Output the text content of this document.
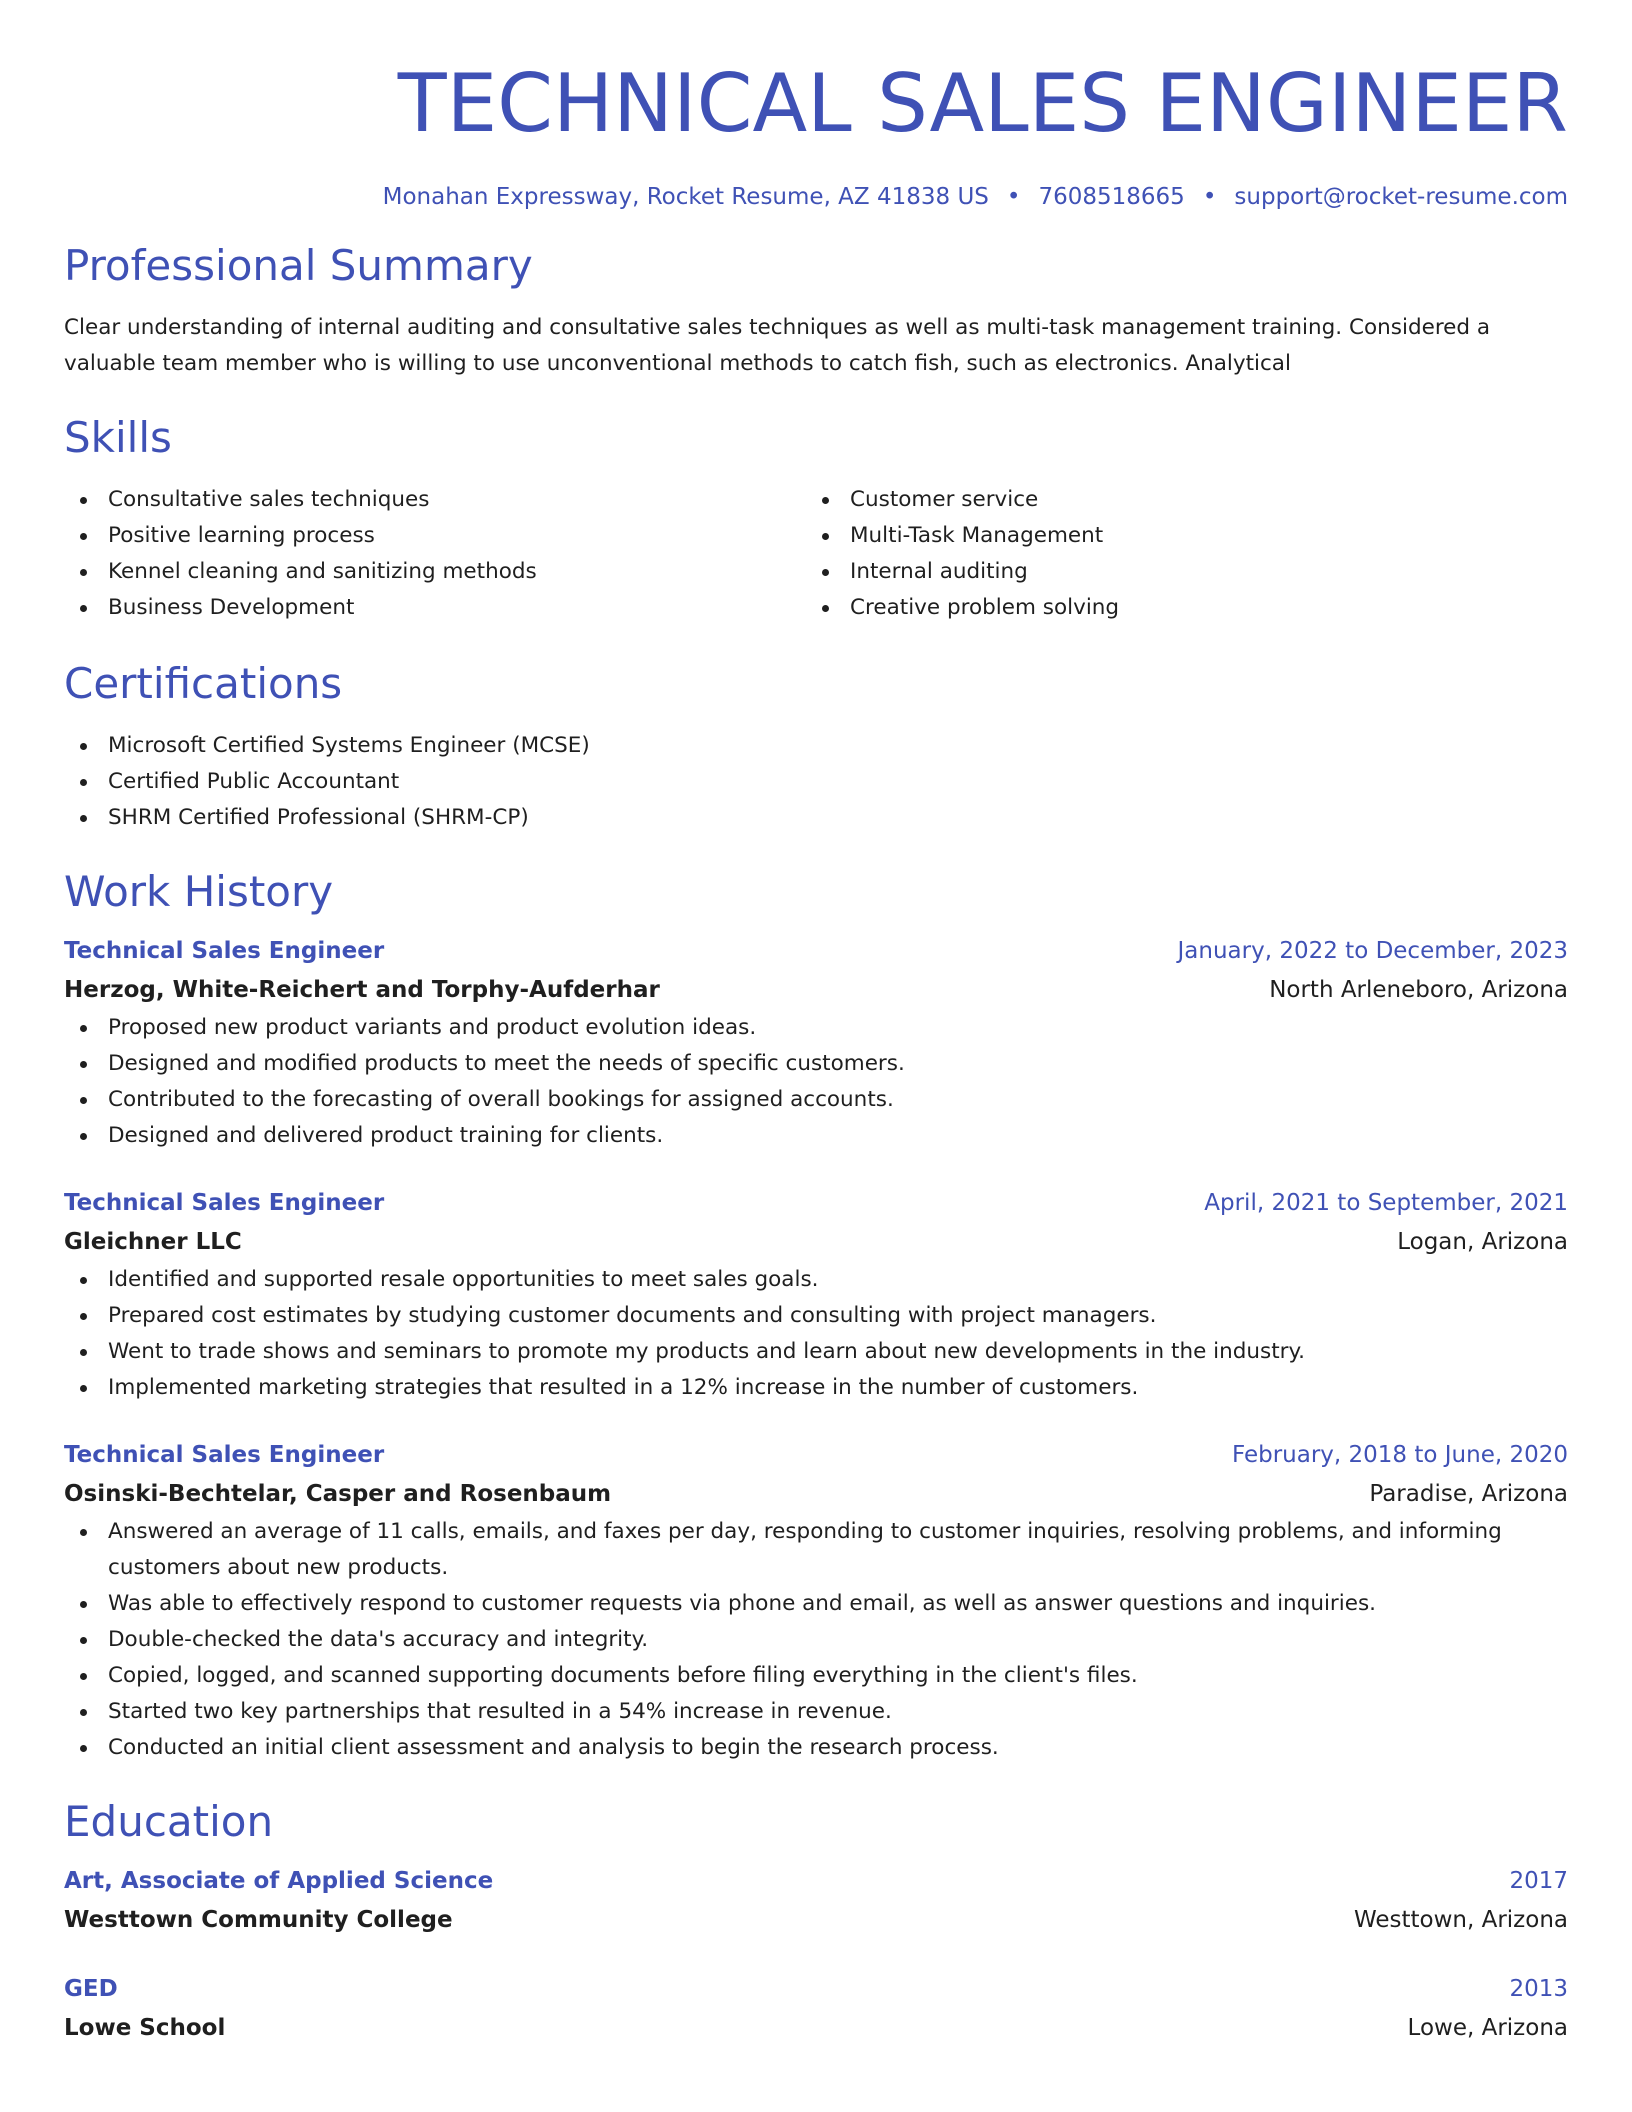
TECHNICAL SALES ENGINEER
Monahan Expressway, Rocket Resume, AZ 41838 US • 7608518665 • support@rocket-resume.com
Professional Summary

Clear understanding of internal auditing and consultative sales techniques as well as multi-task management training. Considered a valuable team member who is willing to use unconventional methods to catch fish, such as electronics. Analytical

Skills
Consultative sales techniques
Positive learning process
Kennel cleaning and sanitizing methods
Business Development
Customer service
Multi-Task Management
Internal auditing
Creative problem solving
Certifications
Microsoft Certified Systems Engineer (MCSE)
Certified Public Accountant
SHRM Certified Professional (SHRM-CP)
Work History
Technical Sales Engineer	January, 2022 to December, 2023
Herzog, White-Reichert and Torphy-Aufderhar	North Arleneboro, Arizona
Proposed new product variants and product evolution ideas.
Designed and modified products to meet the needs of specific customers.
Contributed to the forecasting of overall bookings for assigned accounts.
Designed and delivered product training for clients.
Technical Sales Engineer	April, 2021 to September, 2021
Gleichner LLC	Logan, Arizona
Identified and supported resale opportunities to meet sales goals.
Prepared cost estimates by studying customer documents and consulting with project managers.
Went to trade shows and seminars to promote my products and learn about new developments in the industry.
Implemented marketing strategies that resulted in a 12% increase in the number of customers.
Technical Sales Engineer	February, 2018 to June, 2020
Osinski-Bechtelar, Casper and Rosenbaum	Paradise, Arizona
Answered an average of 11 calls, emails, and faxes per day, responding to customer inquiries, resolving problems, and informing customers about new products.
Was able to effectively respond to customer requests via phone and email, as well as answer questions and inquiries.
Double-checked the data's accuracy and integrity.
Copied, logged, and scanned supporting documents before filing everything in the client's files.
Started two key partnerships that resulted in a 54% increase in revenue.
Conducted an initial client assessment and analysis to begin the research process.
Education
Art, Associate of Applied Science	2017
Westtown Community College	Westtown, Arizona
GED	2013
Lowe School	Lowe, Arizona
